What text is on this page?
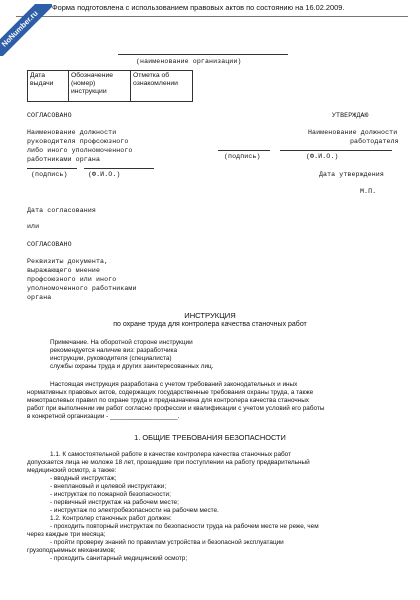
Форма подготовлена с использованием правовых актов по состоянию на 16.02.2009.
NoNumber.ru
(наименование организации)
Дата выдачи	Обозначение (номер) инструкции	Отметка об ознакомлении
СОГЛАСОВАНО	УТВЕРЖДАЮ
Наименование должности
руководителя профсоюзного
либо иного уполномоченного
работниками органа
Наименование должности
работодателя
(подпись)	(Ф.И.О.)
(подпись)	(Ф.И.О.)	Дата утверждения
М.П.
Дата согласования
или
СОГЛАСОВАНО
Реквизиты документа,
выражающего мнение
профсоюзного или иного
уполномоченного работниками
органа
ИНСТРУКЦИЯ
по охране труда для контролера качества станочных работ
Примечание. На оборотной стороне инструкции
рекомендуется наличие виз: разработчика
инструкции, руководителя (специалиста)
службы охраны труда и других заинтересованных лиц.
Настоящая инструкция разработана с учетом требований законодательных и иных
нормативных правовых актов, содержащих государственные требования охраны труда, а также
межотраслевых правил по охране труда и предназначена для контролера качества станочных
работ при выполнении им работ согласно профессии и квалификации с учетом условий его работы
в конкретной организации - ___________________.
1. ОБЩИЕ ТРЕБОВАНИЯ БЕЗОПАСНОСТИ
1.1. К самостоятельной работе в качестве контролера качества станочных работ
допускается лица не моложе 18 лет, прошедшие при поступлении на работу предварительный
медицинский осмотр, а также:
- вводный инструктаж;
- внеплановый и целевой инструктажи;
- инструктаж по пожарной безопасности;
- первичный инструктаж на рабочем месте;
- инструктаж по электробезопасности на рабочем месте.
1.2. Контролер станочных работ должен:
- проходить повторный инструктаж по безопасности труда на рабочем месте не реже, чем
через каждые три месяца;
- пройти проверку знаний по правилам устройства и безопасной эксплуатации
грузоподъемных механизмов;
- проходить санитарный медицинский осмотр;
